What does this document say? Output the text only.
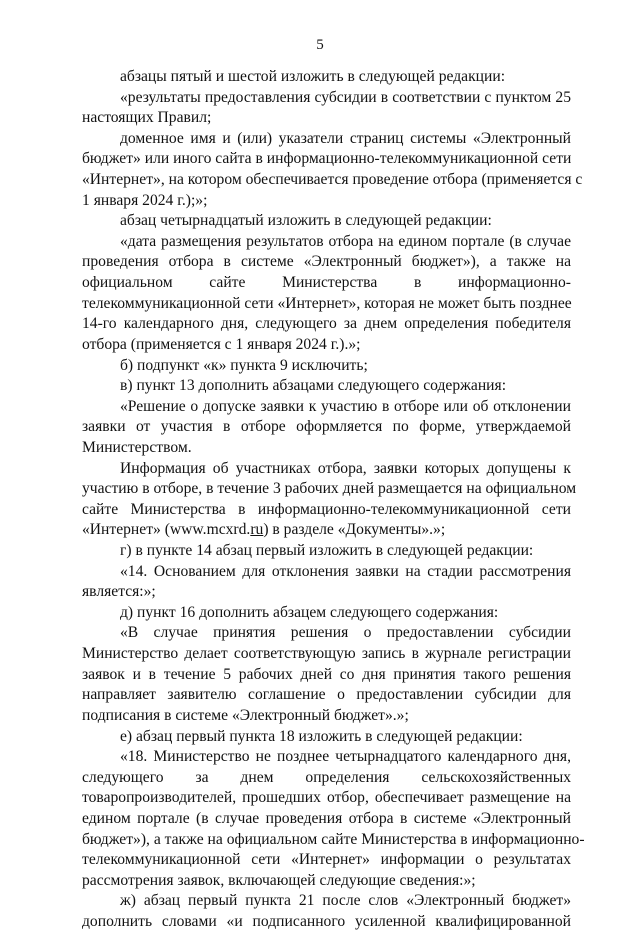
5
абзацы пятый и шестой изложить в следующей редакции:
«результаты предоставления субсидии в соответствии с пунктом 25
настоящих Правил;
доменное имя и (или) указатели страниц системы «Электронный
бюджет» или иного сайта в информационно-телекоммуникационной сети
«Интернет», на котором обеспечивается проведение отбора (применяется с
1 января 2024 г.);»;
абзац четырнадцатый изложить в следующей редакции:
«дата размещения результатов отбора на едином портале (в случае
проведения отбора в системе «Электронный бюджет»), а также на
официальном сайте Министерства в информационно-
телекоммуникационной сети «Интернет», которая не может быть позднее
14-го календарного дня, следующего за днем определения победителя
отбора (применяется с 1 января 2024 г.).»;
б) подпункт «к» пункта 9 исключить;
в) пункт 13 дополнить абзацами следующего содержания:
«Решение о допуске заявки к участию в отборе или об отклонении
заявки от участия в отборе оформляется по форме, утверждаемой
Министерством.
Информация об участниках отбора, заявки которых допущены к
участию в отборе, в течение 3 рабочих дней размещается на официальном
сайте Министерства в информационно-телекоммуникационной сети
«Интернет» (www.mcxrd.ru) в разделе «Документы».»;
г) в пункте 14 абзац первый изложить в следующей редакции:
«14. Основанием для отклонения заявки на стадии рассмотрения
является:»;
д) пункт 16 дополнить абзацем следующего содержания:
«В случае принятия решения о предоставлении субсидии
Министерство делает соответствующую запись в журнале регистрации
заявок и в течение 5 рабочих дней со дня принятия такого решения
направляет заявителю соглашение о предоставлении субсидии для
подписания в системе «Электронный бюджет».»;
е) абзац первый пункта 18 изложить в следующей редакции:
«18. Министерство не позднее четырнадцатого календарного дня,
следующего за днем определения сельскохозяйственных
товаропроизводителей, прошедших отбор, обеспечивает размещение на
едином портале (в случае проведения отбора в системе «Электронный
бюджет»), а также на официальном сайте Министерства в информационно-
телекоммуникационной сети «Интернет» информации о результатах
рассмотрения заявок, включающей следующие сведения:»;
ж) абзац первый пункта 21 после слов «Электронный бюджет»
дополнить словами «и подписанного усиленной квалифицированной
